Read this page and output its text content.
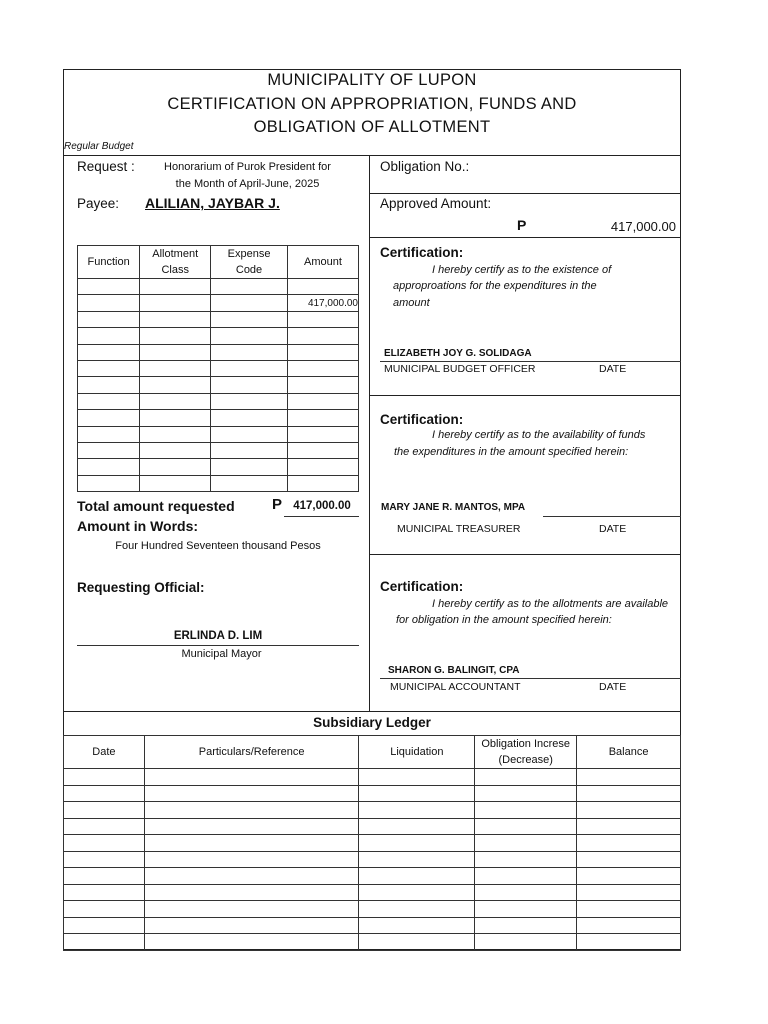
MUNICIPALITY OF LUPON
CERTIFICATION ON APPROPRIATION, FUNDS AND
OBLIGATION OF ALLOTMENT
Regular Budget
Request :	Honorarium of Purok President for
the Month of April-June, 2025
Payee: ALILIAN, JAYBAR J.
Obligation No.:
Approved Amount:
P	417,000.00
Function	Allotment Class	Expense Code	Amount

			417,000.00

Total amount requested P 417,000.00
Amount in Words:
Four Hundred Seventeen thousand Pesos
Requesting Official:
ERLINDA D. LIM
Municipal Mayor
Certification:
I hereby certify as to the existence of
approproations for the expenditures in the
amount
ELIZABETH JOY G. SOLIDAGA
MUNICIPAL BUDGET OFFICER	DATE
Certification:
I hereby certify as to the availability of funds
the expenditures in the amount specified herein:
MARY JANE R. MANTOS, MPA
MUNICIPAL TREASURER	DATE
Certification:
I hereby certify as to the allotments are available
for obligation in the amount specified herein:
SHARON G. BALINGIT, CPA
MUNICIPAL ACCOUNTANT	DATE
Subsidiary Ledger
Date	Particulars/Reference	Liquidation	Obligation Increse (Decrease)	Balance
